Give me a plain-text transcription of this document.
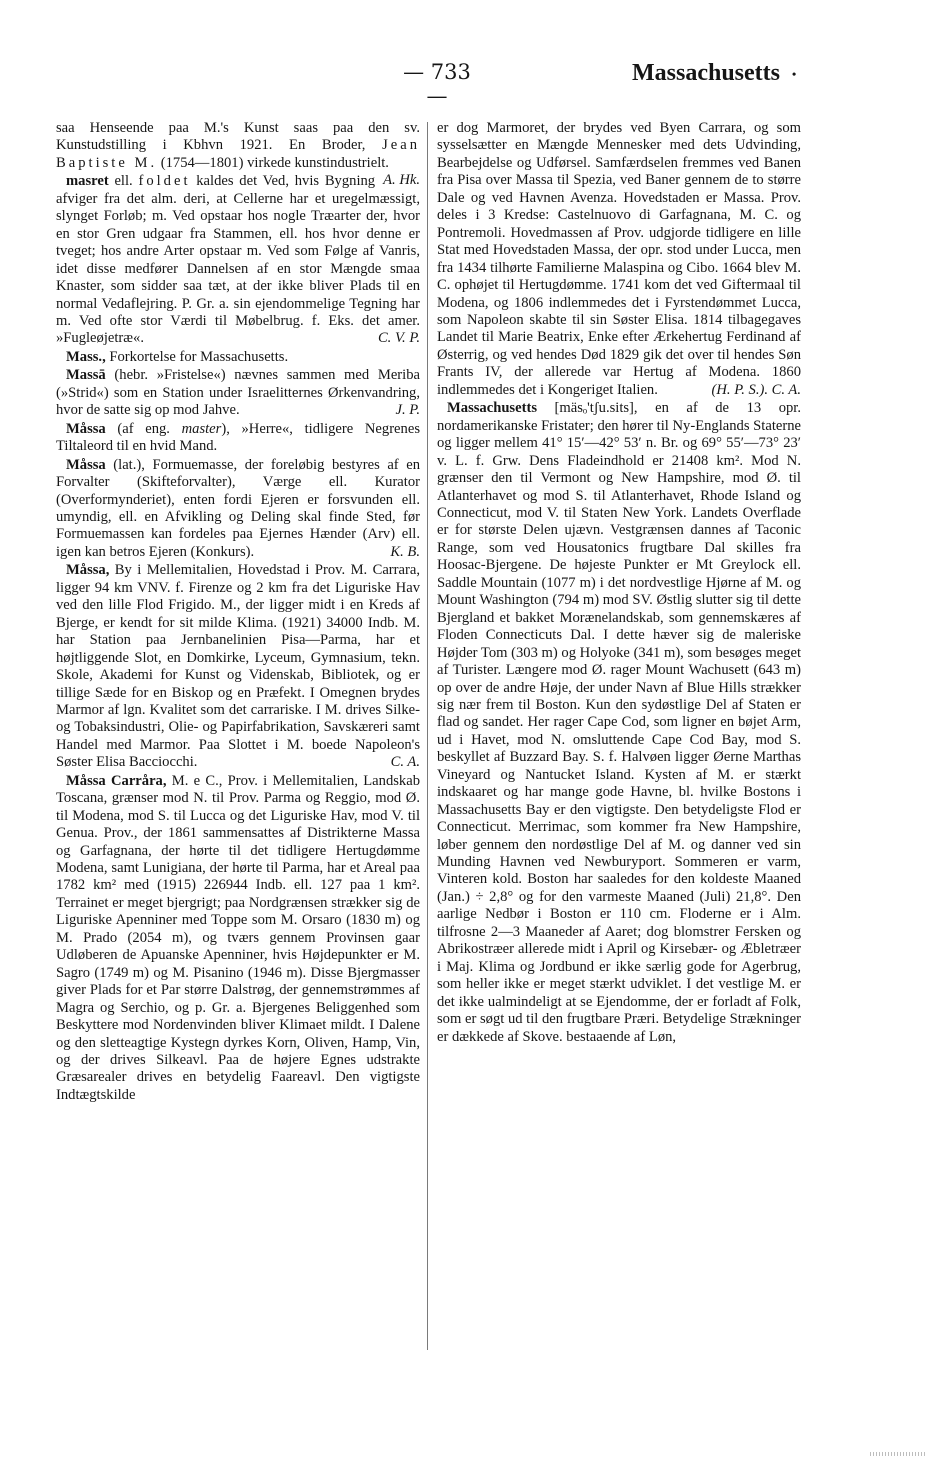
— 733 —
Massachusetts •

saa Henseende paa M.'s Kunst saas paa den sv. Kunstudstilling i Kbhvn 1921. En Broder, Jean Baptiste M. (1754—1801) virkede kunstindustrielt.
A. Hk.

masret ell. foldet kaldes det Ved, hvis Bygning afviger fra det alm. deri, at Cellerne har et uregelmæssigt, slynget Forløb; m. Ved opstaar hos nogle Træarter der, hvor en stor Gren udgaar fra Stammen, ell. hos hvor denne er tveget; hos andre Arter opstaar m. Ved som Følge af Vanris, idet disse medfører Dannelsen af en stor Mængde smaa Knaster, som sidder saa tæt, at der ikke bliver Plads til en normal Vedaflejring. P. Gr. a. sin ejendommelige Tegning har m. Ved ofte stor Værdi til Møbelbrug. f. Eks. det amer. »Fugleøjetræ«.	C. V. P.

Mass., Forkortelse for Massachusetts.

Massā (hebr. »Fristelse«) nævnes sammen med Meriba (»Strid«) som en Station under Israelitternes Ørkenvandring, hvor de satte sig op mod Jahve.	J. P.

Måssa (af eng. master), »Herre«, tidligere Negrenes Tiltaleord til en hvid Mand.

Måssa (lat.), Formuemasse, der foreløbig bestyres af en Forvalter (Skifteforvalter), Værge ell. Kurator (Overformynderiet), enten fordi Ejeren er forsvunden ell. umyndig, ell. en Afvikling og Deling skal finde Sted, før Formuemassen kan fordeles paa Ejernes Hænder (Arv) ell. igen kan betros Ejeren (Konkurs).	K. B.

Måssa, By i Mellemitalien, Hovedstad i Prov. M. Carrara, ligger 94 km VNV. f. Firenze og 2 km fra det Liguriske Hav ved den lille Flod Frigido. M., der ligger midt i en Kreds af Bjerge, er kendt for sit milde Klima. (1921) 34000 Indb. M. har Station paa Jernbanelinien Pisa—Parma, har et højtliggende Slot, en Domkirke, Lyceum, Gymnasium, tekn. Skole, Akademi for Kunst og Videnskab, Bibliotek, og er tillige Sæde for en Biskop og en Præfekt. I Omegnen brydes Marmor af lgn. Kvalitet som det carrariske. I M. drives Silke- og Tobaksindustri, Olie- og Papirfabrikation, Savskæreri samt Handel med Marmor. Paa Slottet i M. boede Napoleon's Søster Elisa Bacciocchi.	C. A.

Måssa Carråra, M. e C., Prov. i Mellemitalien, Landskab Toscana, grænser mod N. til Prov. Parma og Reggio, mod Ø. til Modena, mod S. til Lucca og det Liguriske Hav, mod V. til Genua. Prov., der 1861 sammensattes af Distrikterne Massa og Garfagnana, der hørte til det tidligere Hertugdømme Modena, samt Lunigiana, der hørte til Parma, har et Areal paa 1782 km² med (1915) 226944 Indb. ell. 127 paa 1 km². Terrainet er meget bjergrigt; paa Nordgrænsen strækker sig de Liguriske Apenniner med Toppe som M. Orsaro (1830 m) og M. Prado (2054 m), og tværs gennem Provinsen gaar Udløberen de Apuanske Apenniner, hvis Højdepunkter er M. Sagro (1749 m) og M. Pisanino (1946 m). Disse Bjergmasser giver Plads for et Par større Dalstrøg, der gennemstrømmes af Magra og Serchio, og p. Gr. a. Bjergenes Beliggenhed som Beskyttere mod Nordenvinden bliver Klimaet mildt. I Dalene og den sletteagtige Kystegn dyrkes Korn, Oliven, Hamp, Vin, og der drives Silkeavl. Paa de højere Egnes udstrakte Græsarealer drives en betydelig Faareavl. Den vigtigste Indtægtskilde

er dog Marmoret, der brydes ved Byen Carrara, og som sysselsætter en Mængde Mennesker med dets Udvinding, Bearbejdelse og Udførsel. Samfærdselen fremmes ved Banen fra Pisa over Massa til Spezia, ved Baner gennem de to større Dale og ved Havnen Avenza. Hovedstaden er Massa. Prov. deles i 3 Kredse: Castelnuovo di Garfagnana, M. C. og Pontremoli. Hovedmassen af Prov. udgjorde tidligere en lille Stat med Hovedstaden Massa, der opr. stod under Lucca, men fra 1434 tilhørte Familierne Malaspina og Cibo. 1664 blev M. C. ophøjet til Hertugdømme. 1741 kom det ved Giftermaal til Modena, og 1806 indlemmedes det i Fyrstendømmet Lucca, som Napoleon skabte til sin Søster Elisa. 1814 tilbagegaves Landet til Marie Beatrix, Enke efter Ærkehertug Ferdinand af Østerrig, og ved hendes Død 1829 gik det over til hendes Søn Frants IV, der allerede var Hertug af Modena. 1860 indlemmedes det i Kongeriget Italien.	(H. P. S.). C. A.

Massachusetts [mäsₒ'tʃu.sits], en af de 13 opr. nordamerikanske Fristater; den hører til Ny-Englands Staterne og ligger mellem 41° 15′—42° 53′ n. Br. og 69° 55′—73° 23′ v. L. f. Grw. Dens Fladeindhold er 21408 km². Mod N. grænser den til Vermont og New Hampshire, mod Ø. til Atlanterhavet og mod S. til Atlanterhavet, Rhode Island og Connecticut, mod V. til Staten New York. Landets Overflade er for største Delen ujævn. Vestgrænsen dannes af Taconic Range, som ved Housatonics frugtbare Dal skilles fra Hoosac-Bjergene. De højeste Punkter er Mt Greylock ell. Saddle Mountain (1077 m) i det nordvestlige Hjørne af M. og Mount Washington (794 m) mod SV. Østlig slutter sig til dette Bjergland et bakket Morænelandskab, som gennemskæres af Floden Connecticuts Dal. I dette hæver sig de maleriske Højder Tom (303 m) og Holyoke (341 m), som besøges meget af Turister. Længere mod Ø. rager Mount Wachusett (643 m) op over de andre Høje, der under Navn af Blue Hills strækker sig nær frem til Boston. Kun den sydøstlige Del af Staten er flad og sandet. Her rager Cape Cod, som ligner en bøjet Arm, ud i Havet, mod N. omsluttende Cape Cod Bay, mod S. beskyllet af Buzzard Bay. S. f. Halvøen ligger Øerne Marthas Vineyard og Nantucket Island. Kysten af M. er stærkt indskaaret og har mange gode Havne, bl. hvilke Bostons i Massachusetts Bay er den vigtigste. Den betydeligste Flod er Connecticut. Merrimac, som kommer fra New Hampshire, løber gennem den nordøstlige Del af M. og danner ved sin Munding Havnen ved Newburyport. Sommeren er varm, Vinteren kold. Boston har saaledes for den koldeste Maaned (Jan.) ÷ 2,8° og for den varmeste Maaned (Juli) 21,8°. Den aarlige Nedbør i Boston er 110 cm. Floderne er i Alm. tilfrosne 2—3 Maaneder af Aaret; dog blomstrer Fersken og Abrikostræer allerede midt i April og Kirsebær- og Æbletræer i Maj. Klima og Jordbund er ikke særlig gode for Agerbrug, som heller ikke er meget stærkt udviklet. I det vestlige M. er det ikke ualmindeligt at se Ejendomme, der er forladt af Folk, som er søgt ud til den frugtbare Præri. Betydelige Strækninger er dækkede af Skove. bestaaende af Løn,
